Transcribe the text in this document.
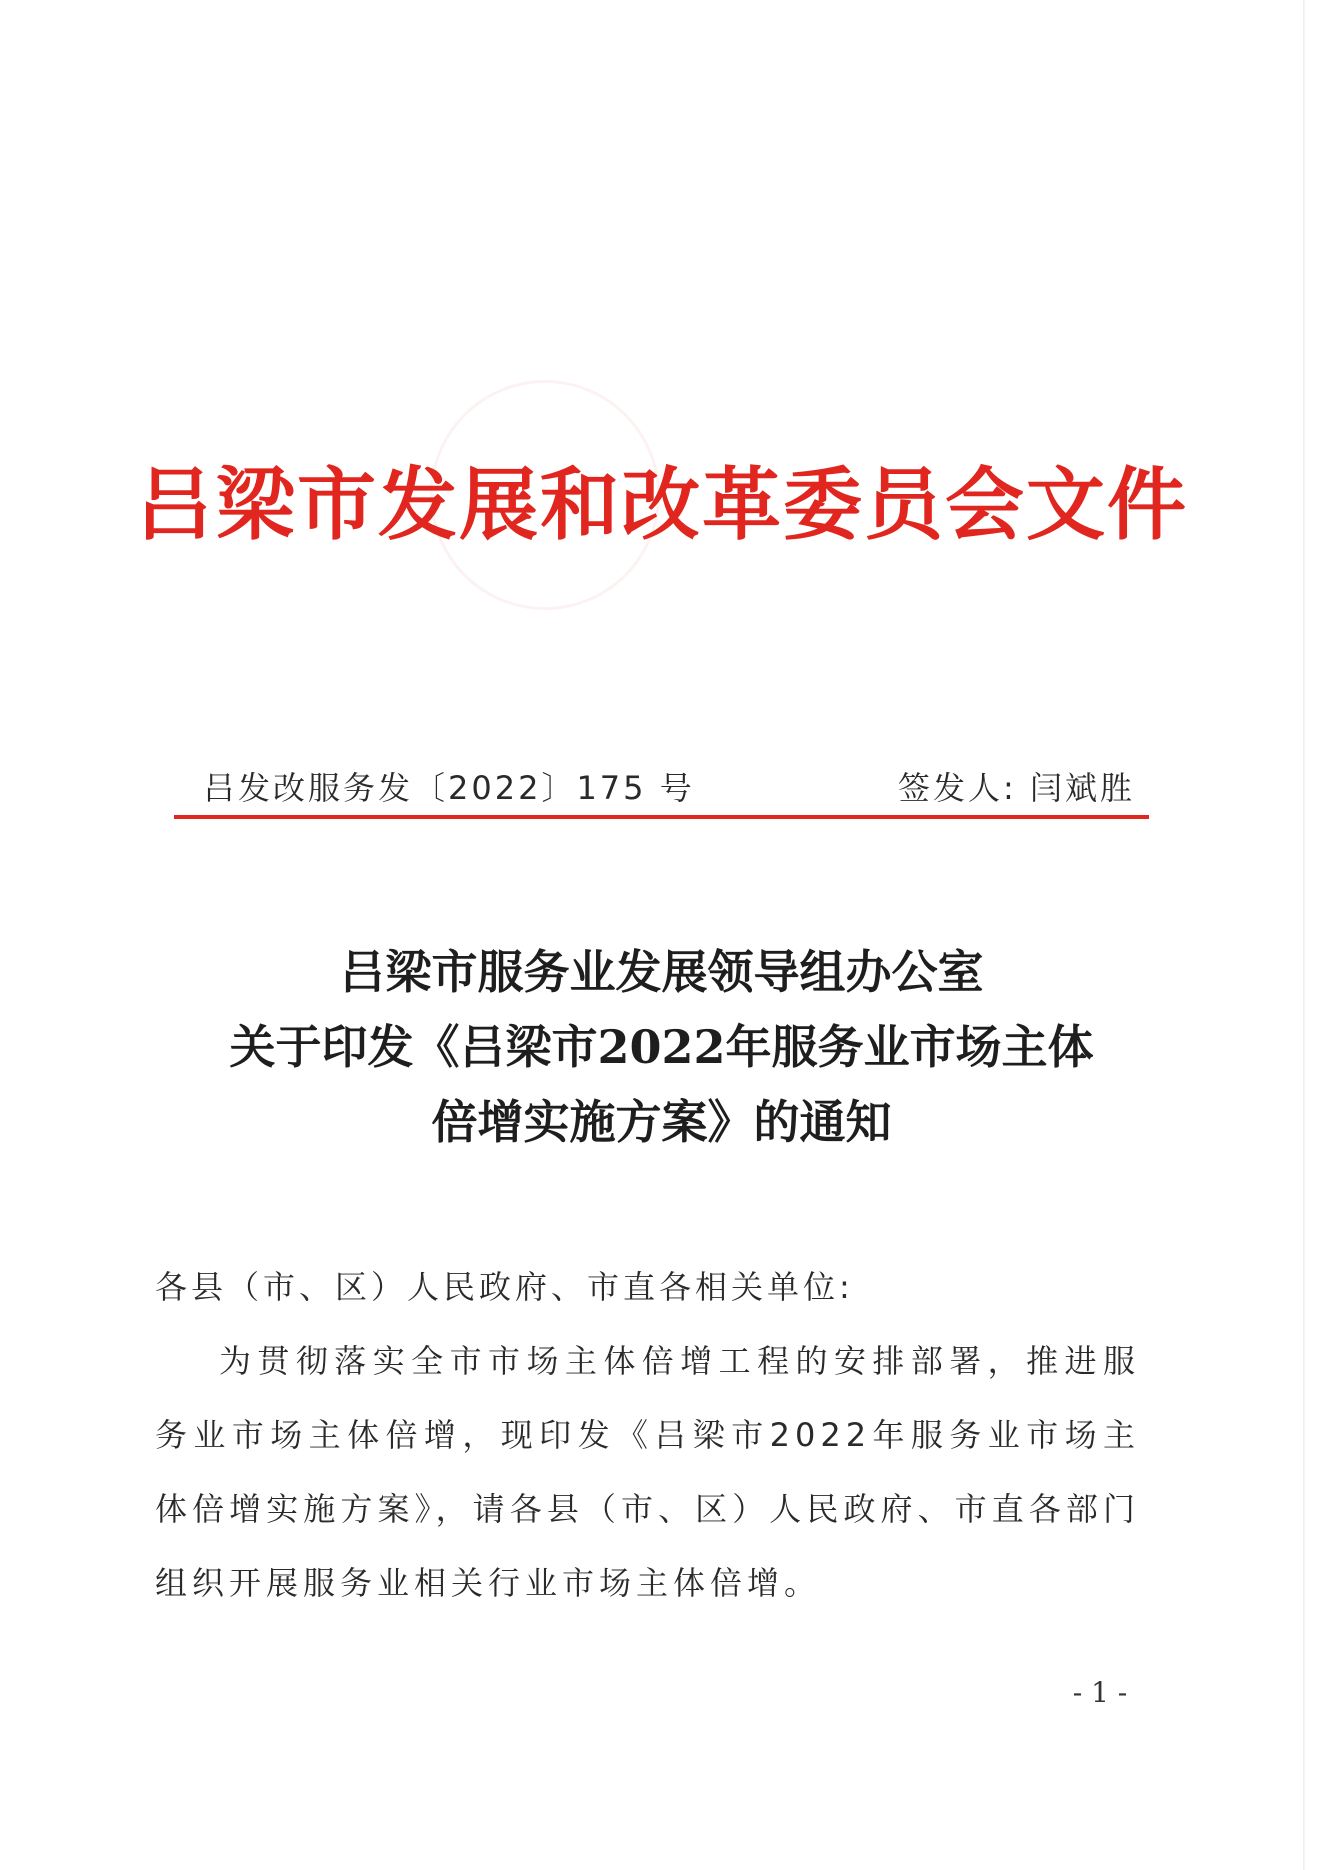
吕梁市发展和改革委员会文件
吕发改服务发〔2022〕175 号	签发人: 闫斌胜
吕梁市服务业发展领导组办公室
关于印发《吕梁市2022年服务业市场主体
倍增实施方案》的通知
各县（市、区）人民政府、市直各相关单位:

为贯彻落实全市市场主体倍增工程的安排部署，推进服务业市场主体倍增，现印发《吕梁市2022年服务业市场主体倍增实施方案》，请各县（市、区）人民政府、市直各部门组织开展服务业相关行业市场主体倍增。

- 1 -
